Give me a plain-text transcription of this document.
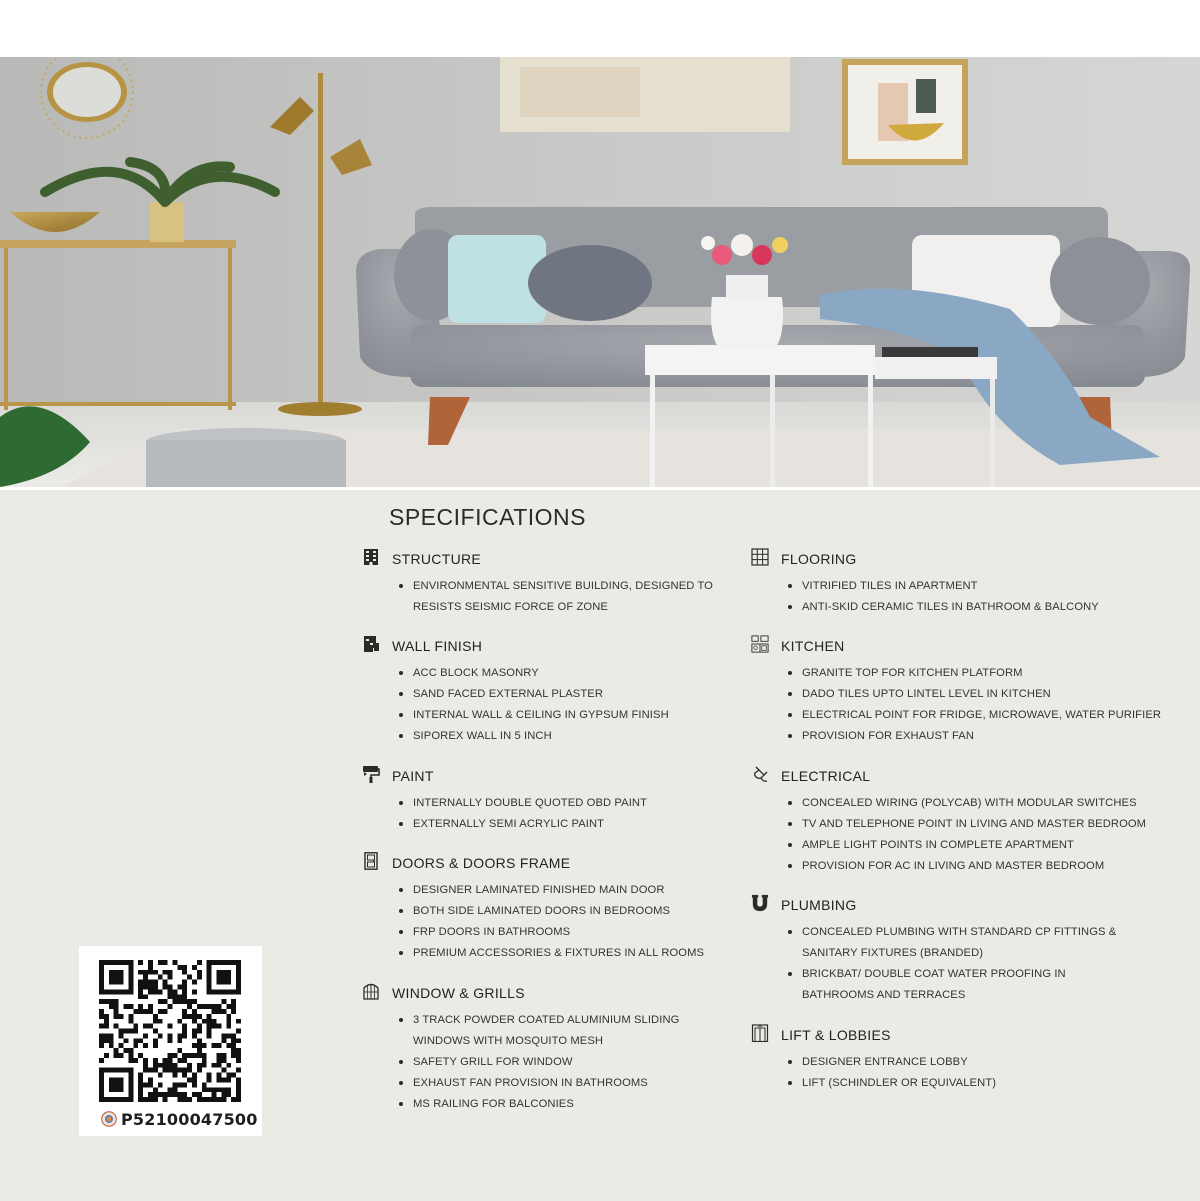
SPECIFICATIONS
STRUCTURE
ENVIRONMENTAL SENSITIVE BUILDING, DESIGNED TO
RESISTS SEISMIC FORCE OF ZONE
WALL FINISH
ACC BLOCK MASONRY
SAND FACED EXTERNAL PLASTER
INTERNAL WALL & CEILING IN GYPSUM FINISH
SIPOREX WALL IN 5 INCH
PAINT
INTERNALLY DOUBLE QUOTED OBD PAINT
EXTERNALLY SEMI ACRYLIC PAINT
DOORS & DOORS FRAME
DESIGNER LAMINATED FINISHED MAIN DOOR
BOTH SIDE LAMINATED DOORS IN BEDROOMS
FRP DOORS IN BATHROOMS
PREMIUM ACCESSORIES & FIXTURES IN ALL ROOMS
WINDOW & GRILLS
3 TRACK POWDER COATED ALUMINIUM SLIDING
WINDOWS WITH MOSQUITO MESH
SAFETY GRILL FOR WINDOW
EXHAUST FAN PROVISION IN BATHROOMS
MS RAILING FOR BALCONIES
FLOORING
VITRIFIED TILES IN APARTMENT
ANTI-SKID CERAMIC TILES IN BATHROOM & BALCONY
KITCHEN
GRANITE TOP FOR KITCHEN PLATFORM
DADO TILES UPTO LINTEL LEVEL IN KITCHEN
ELECTRICAL POINT FOR FRIDGE, MICROWAVE, WATER PURIFIER
PROVISION FOR EXHAUST FAN
ELECTRICAL
CONCEALED WIRING (POLYCAB) WITH MODULAR SWITCHES
TV AND TELEPHONE POINT IN LIVING AND MASTER BEDROOM
AMPLE LIGHT POINTS IN COMPLETE APARTMENT
PROVISION FOR AC IN LIVING AND MASTER BEDROOM
PLUMBING
CONCEALED PLUMBING WITH STANDARD CP FITTINGS &
SANITARY FIXTURES (BRANDED)
BRICKBAT/ DOUBLE COAT WATER PROOFING IN
BATHROOMS AND TERRACES
LIFT & LOBBIES
DESIGNER ENTRANCE LOBBY
LIFT (SCHINDLER OR EQUIVALENT)
P52100047500
